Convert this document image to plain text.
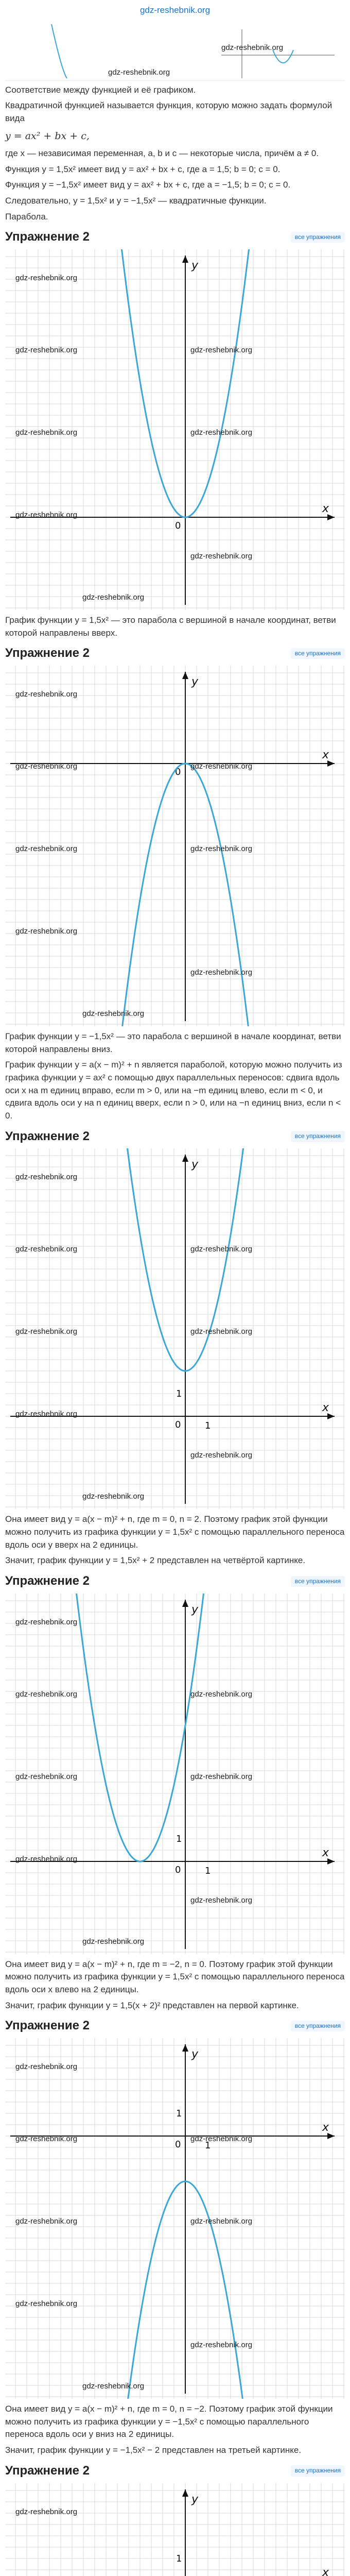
gdz-reshebnik.org
gdz-reshebnik.org
gdz-reshebnik.org

Соответствие между функцией и её графиком.

Квадратичной функцией называется функция, которую можно задать формулой вида

y = ax² + bx + c,

где x — независимая переменная, a, b и c — некоторые числа, причём a ≠ 0.

Функция y = 1,5x² имеет вид y = ax² + bx + c, где a = 1,5; b = 0; c = 0.

Функция y = −1,5x² имеет вид y = ax² + bx + c, где a = −1,5; b = 0; c = 0.

Следовательно, y = 1,5x² и y = −1,5x² — квадратичные функции.

Парабола.

Упражнение 2	все упражнения
x
y
0
gdz-reshebnik.org
gdz-reshebnik.org	gdz-reshebnik.org
gdz-reshebnik.org	gdz-reshebnik.org
gdz-reshebnik.org
gdz-reshebnik.org
gdz-reshebnik.org

График функции y = 1,5x² — это парабола с вершиной в начале координат, ветви которой направлены вверх.

Упражнение 2	все упражнения
x
y
0
gdz-reshebnik.org
gdz-reshebnik.org	gdz-reshebnik.org
gdz-reshebnik.org	gdz-reshebnik.org
gdz-reshebnik.org
gdz-reshebnik.org
gdz-reshebnik.org

График функции y = −1,5x² — это парабола с вершиной в начале координат, ветви которой направлены вниз.

График функции y = a(x − m)² + n является параболой, которую можно получить из графика функции y = ax² с помощью двух параллельных переносов: сдвига вдоль оси x на m единиц вправо, если m > 0, или на −m единиц влево, если m < 0, и сдвига вдоль оси y на n единиц вверх, если n > 0, или на −n единиц вниз, если n < 0.

Упражнение 2	все упражнения
x
y
0	1
1
gdz-reshebnik.org
gdz-reshebnik.org	gdz-reshebnik.org
gdz-reshebnik.org	gdz-reshebnik.org
gdz-reshebnik.org
gdz-reshebnik.org
gdz-reshebnik.org

Она имеет вид y = a(x − m)² + n, где m = 0, n = 2. Поэтому график этой функции можно получить из графика функции y = 1,5x² с помощью параллельного переноса вдоль оси y вверх на 2 единицы.

Значит, график функции y = 1,5x² + 2 представлен на четвёртой картинке.

Упражнение 2	все упражнения
x
y
0	1
1
gdz-reshebnik.org
gdz-reshebnik.org	gdz-reshebnik.org
gdz-reshebnik.org	gdz-reshebnik.org
gdz-reshebnik.org
gdz-reshebnik.org
gdz-reshebnik.org

Она имеет вид y = a(x − m)² + n, где m = −2, n = 0. Поэтому график этой функции можно получить из графика функции y = 1,5x² с помощью параллельного переноса вдоль оси x влево на 2 единицы.

Значит, график функции y = 1,5(x + 2)² представлен на первой картинке.

Упражнение 2	все упражнения
x
y
0	1
1
gdz-reshebnik.org
gdz-reshebnik.org	gdz-reshebnik.org
gdz-reshebnik.org	gdz-reshebnik.org
gdz-reshebnik.org
gdz-reshebnik.org
gdz-reshebnik.org

Она имеет вид y = a(x − m)² + n, где m = 0, n = −2. Поэтому график этой функции можно получить из графика функции y = −1,5x² с помощью параллельного переноса вдоль оси y вниз на 2 единицы.

Значит, график функции y = −1,5x² − 2 представлен на третьей картинке.

Упражнение 2	все упражнения
x
y
1
gdz-reshebnik.org
